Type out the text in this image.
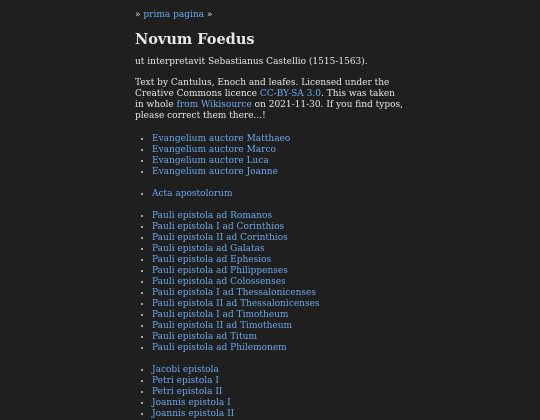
» prima pagina »
Novum Foedus
ut interpretavit Sebastianus Castellio (1515-1563).
Text by Cantulus, Enoch and leafes. Licensed under the Creative Commons licence CC-BY-SA 3.0. This was taken in whole from Wikisource on 2021-11-30. If you find typos, please correct them there...!
• Evangelium auctore Matthaeo
• Evangelium auctore Marco
• Evangelium auctore Luca
• Evangelium auctore Joanne
• Acta apostolorum
• Pauli epistola ad Romanos
• Pauli epistola I ad Corinthios
• Pauli epistola II ad Corinthios
• Pauli epistola ad Galatas
• Pauli epistola ad Ephesios
• Pauli epistola ad Philippenses
• Pauli epistola ad Colossenses
• Pauli epistola I ad Thessalonicenses
• Pauli epistola II ad Thessalonicenses
• Pauli epistola I ad Timotheum
• Pauli epistola II ad Timotheum
• Pauli epistola ad Titum
• Pauli epistola ad Philemonem
• Jacobi epistola
• Petri epistola I
• Petri epistola II
• Joannis epistola I
• Joannis epistola II
